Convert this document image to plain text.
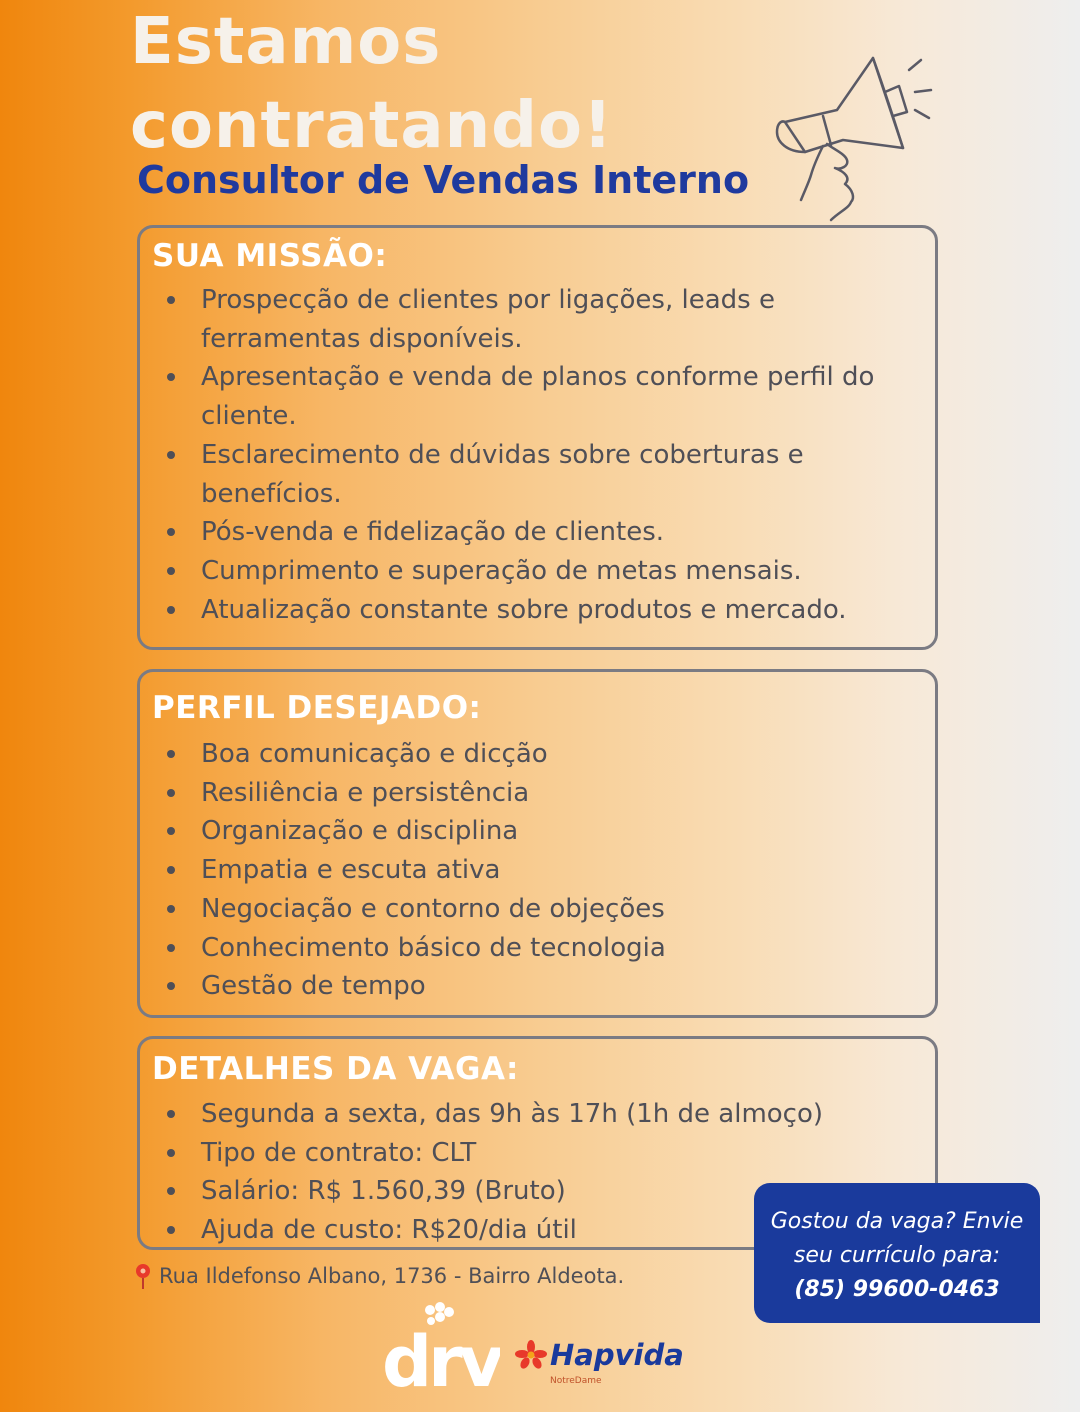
Estamos
contratando!
Consultor de Vendas Interno
SUA MISSÃO:
Prospecção de clientes por ligações, leads e ferramentas disponíveis.
Apresentação e venda de planos conforme perfil do cliente.
Esclarecimento de dúvidas sobre coberturas e benefícios.
Pós-venda e fidelização de clientes.
Cumprimento e superação de metas mensais.
Atualização constante sobre produtos e mercado.
PERFIL DESEJADO:
Boa comunicação e dicção
Resiliência e persistência
Organização e disciplina
Empatia e escuta ativa
Negociação e contorno de objeções
Conhecimento básico de tecnologia
Gestão de tempo
DETALHES DA VAGA:
Segunda a sexta, das 9h às 17h (1h de almoço)
Tipo de contrato: CLT
Salário: R$ 1.560,39 (Bruto)
Ajuda de custo: R$20/dia útil
Rua Ildefonso Albano, 1736 - Bairro Aldeota.
Gostou da vaga? Envie
seu currículo para:
(85) 99600-0463
drv Hapvida
NotreDame
